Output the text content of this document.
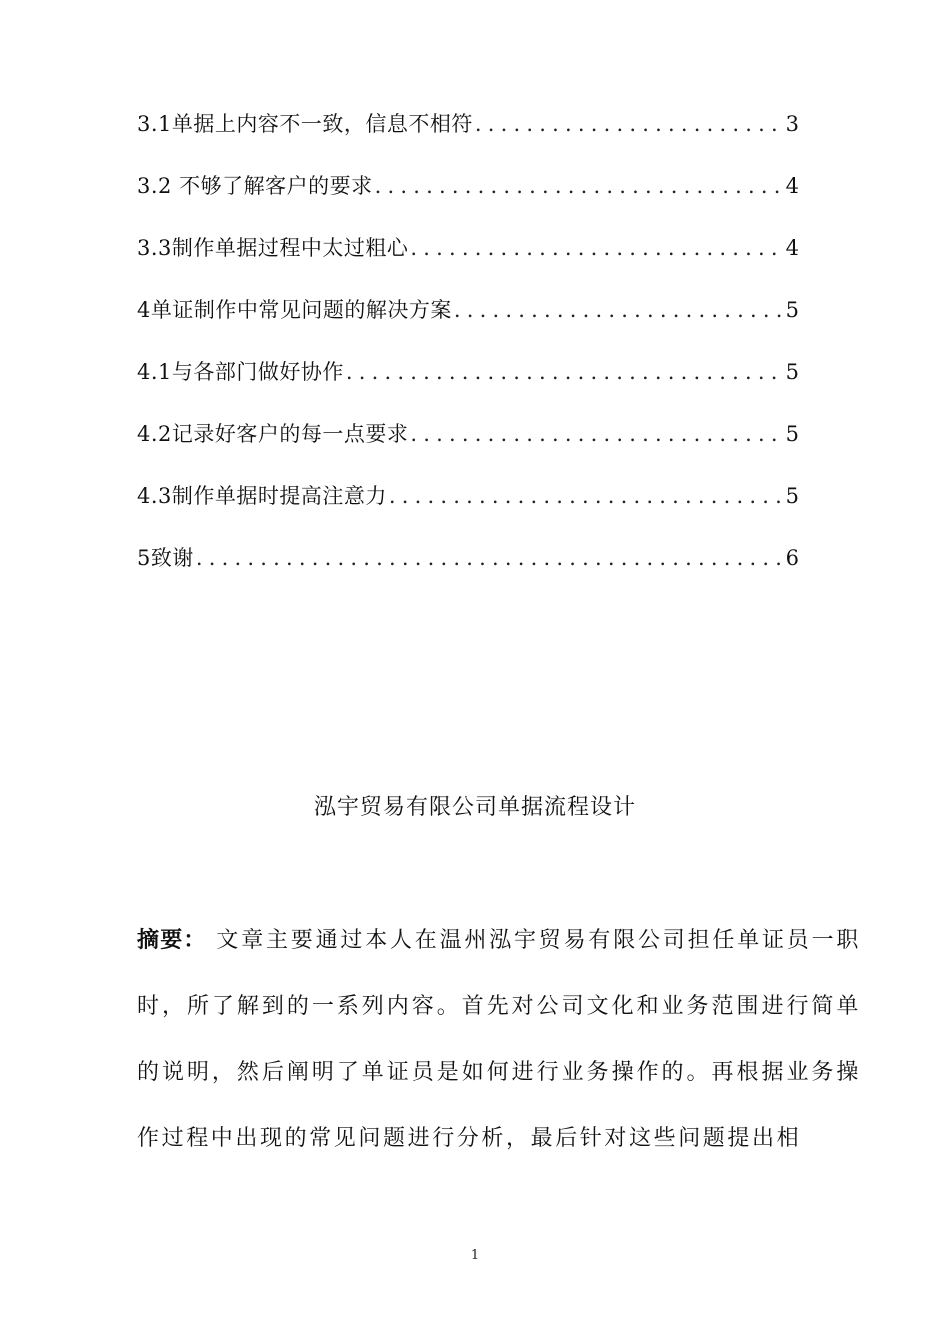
3.1单据上内容不一致，信息不相符 .....	3
3.2 不够了解客户的要求 .....	4
3.3制作单据过程中太过粗心 .....	4
4单证制作中常见问题的解决方案 .....	5
4.1与各部门做好协作 .....	5
4.2记录好客户的每一点要求 .....	5
4.3制作单据时提高注意力 .....	5
5致谢 .....	6
泓宇贸易有限公司单据流程设计

摘要： 文章主要通过本人在温州泓宇贸易有限公司担任单证员一职时，所了解到的一系列内容。首先对公司文化和业务范围进行简单的说明，然后阐明了单证员是如何进行业务操作的。再根据业务操作过程中出现的常见问题进行分析，最后针对这些问题提出相

1
